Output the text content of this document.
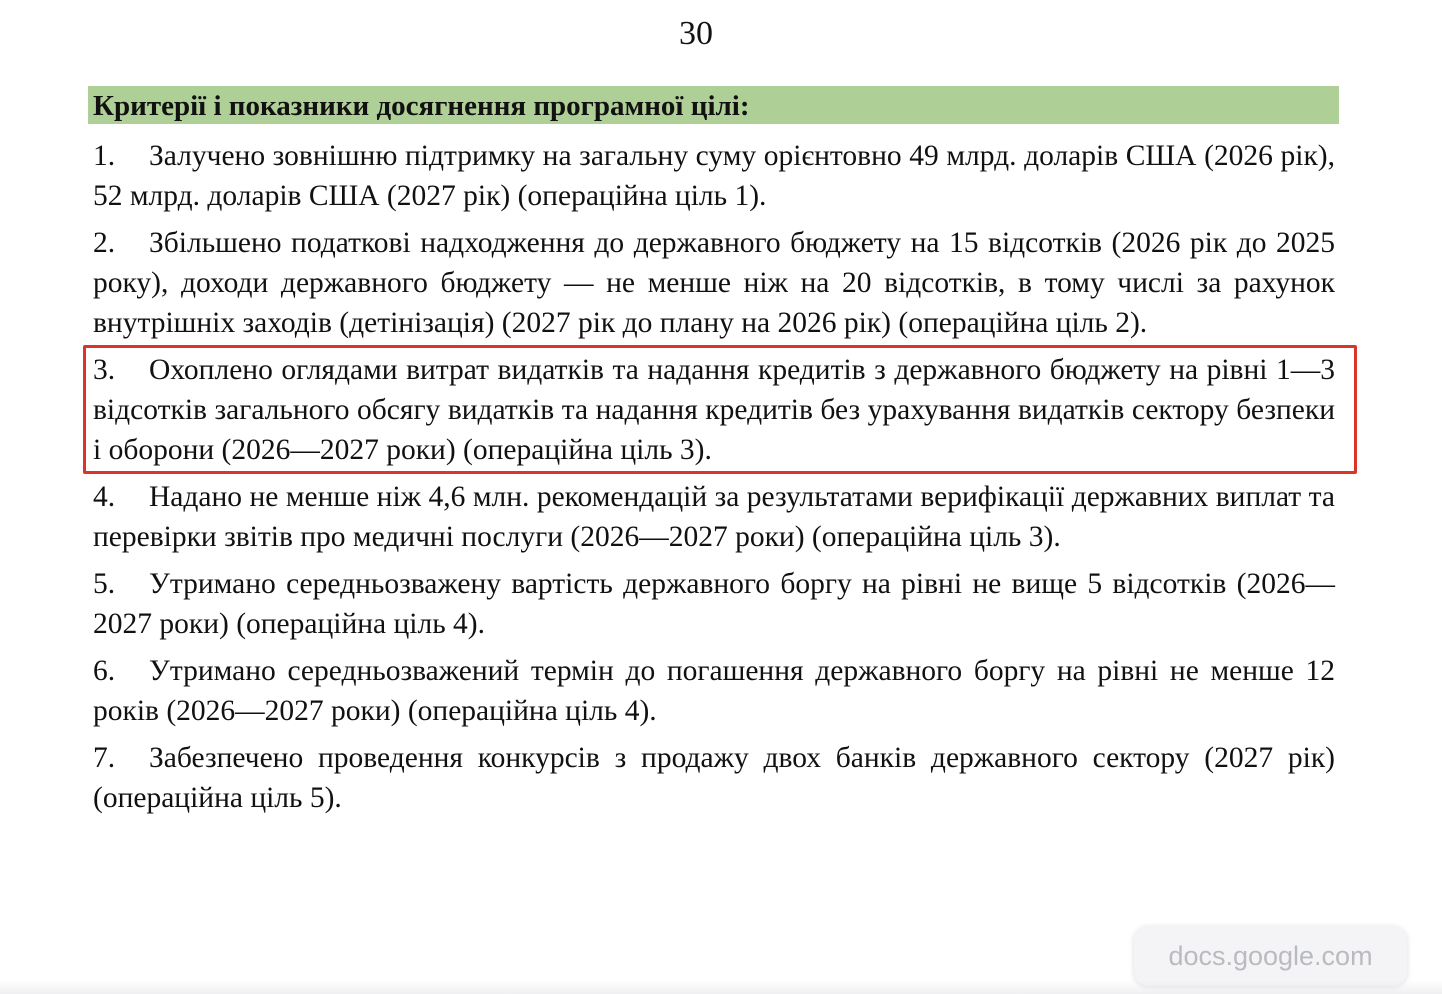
30
Критерії і показники досягнення програмної цілі:

1. Залучено зовнішню підтримку на загальну суму орієнтовно 49 млрд. доларів США (2026 рік), 52 млрд. доларів США (2027 рік) (операційна ціль 1).

2. Збільшено податкові надходження до державного бюджету на 15 відсотків (2026 рік до 2025 року), доходи державного бюджету — не менше ніж на 20 відсотків, в тому числі за рахунок внутрішніх заходів (детінізація) (2027 рік до плану на 2026 рік) (операційна ціль 2).

3. Охоплено оглядами витрат видатків та надання кредитів з державного бюджету на рівні 1—3 відсотків загального обсягу видатків та надання кредитів без урахування видатків сектору безпеки і оборони (2026—2027 роки) (операційна ціль 3).

4. Надано не менше ніж 4,6 млн. рекомендацій за результатами верифікації державних виплат та перевірки звітів про медичні послуги (2026—2027 роки) (операційна ціль 3).

5. Утримано середньозважену вартість державного боргу на рівні не вище 5 відсотків (2026—2027 роки) (операційна ціль 4).

6. Утримано середньозважений термін до погашення державного боргу на рівні не менше 12 років (2026—2027 роки) (операційна ціль 4).

7. Забезпечено проведення конкурсів з продажу двох банків державного сектору (2027 рік) (операційна ціль 5).

docs.google.com
